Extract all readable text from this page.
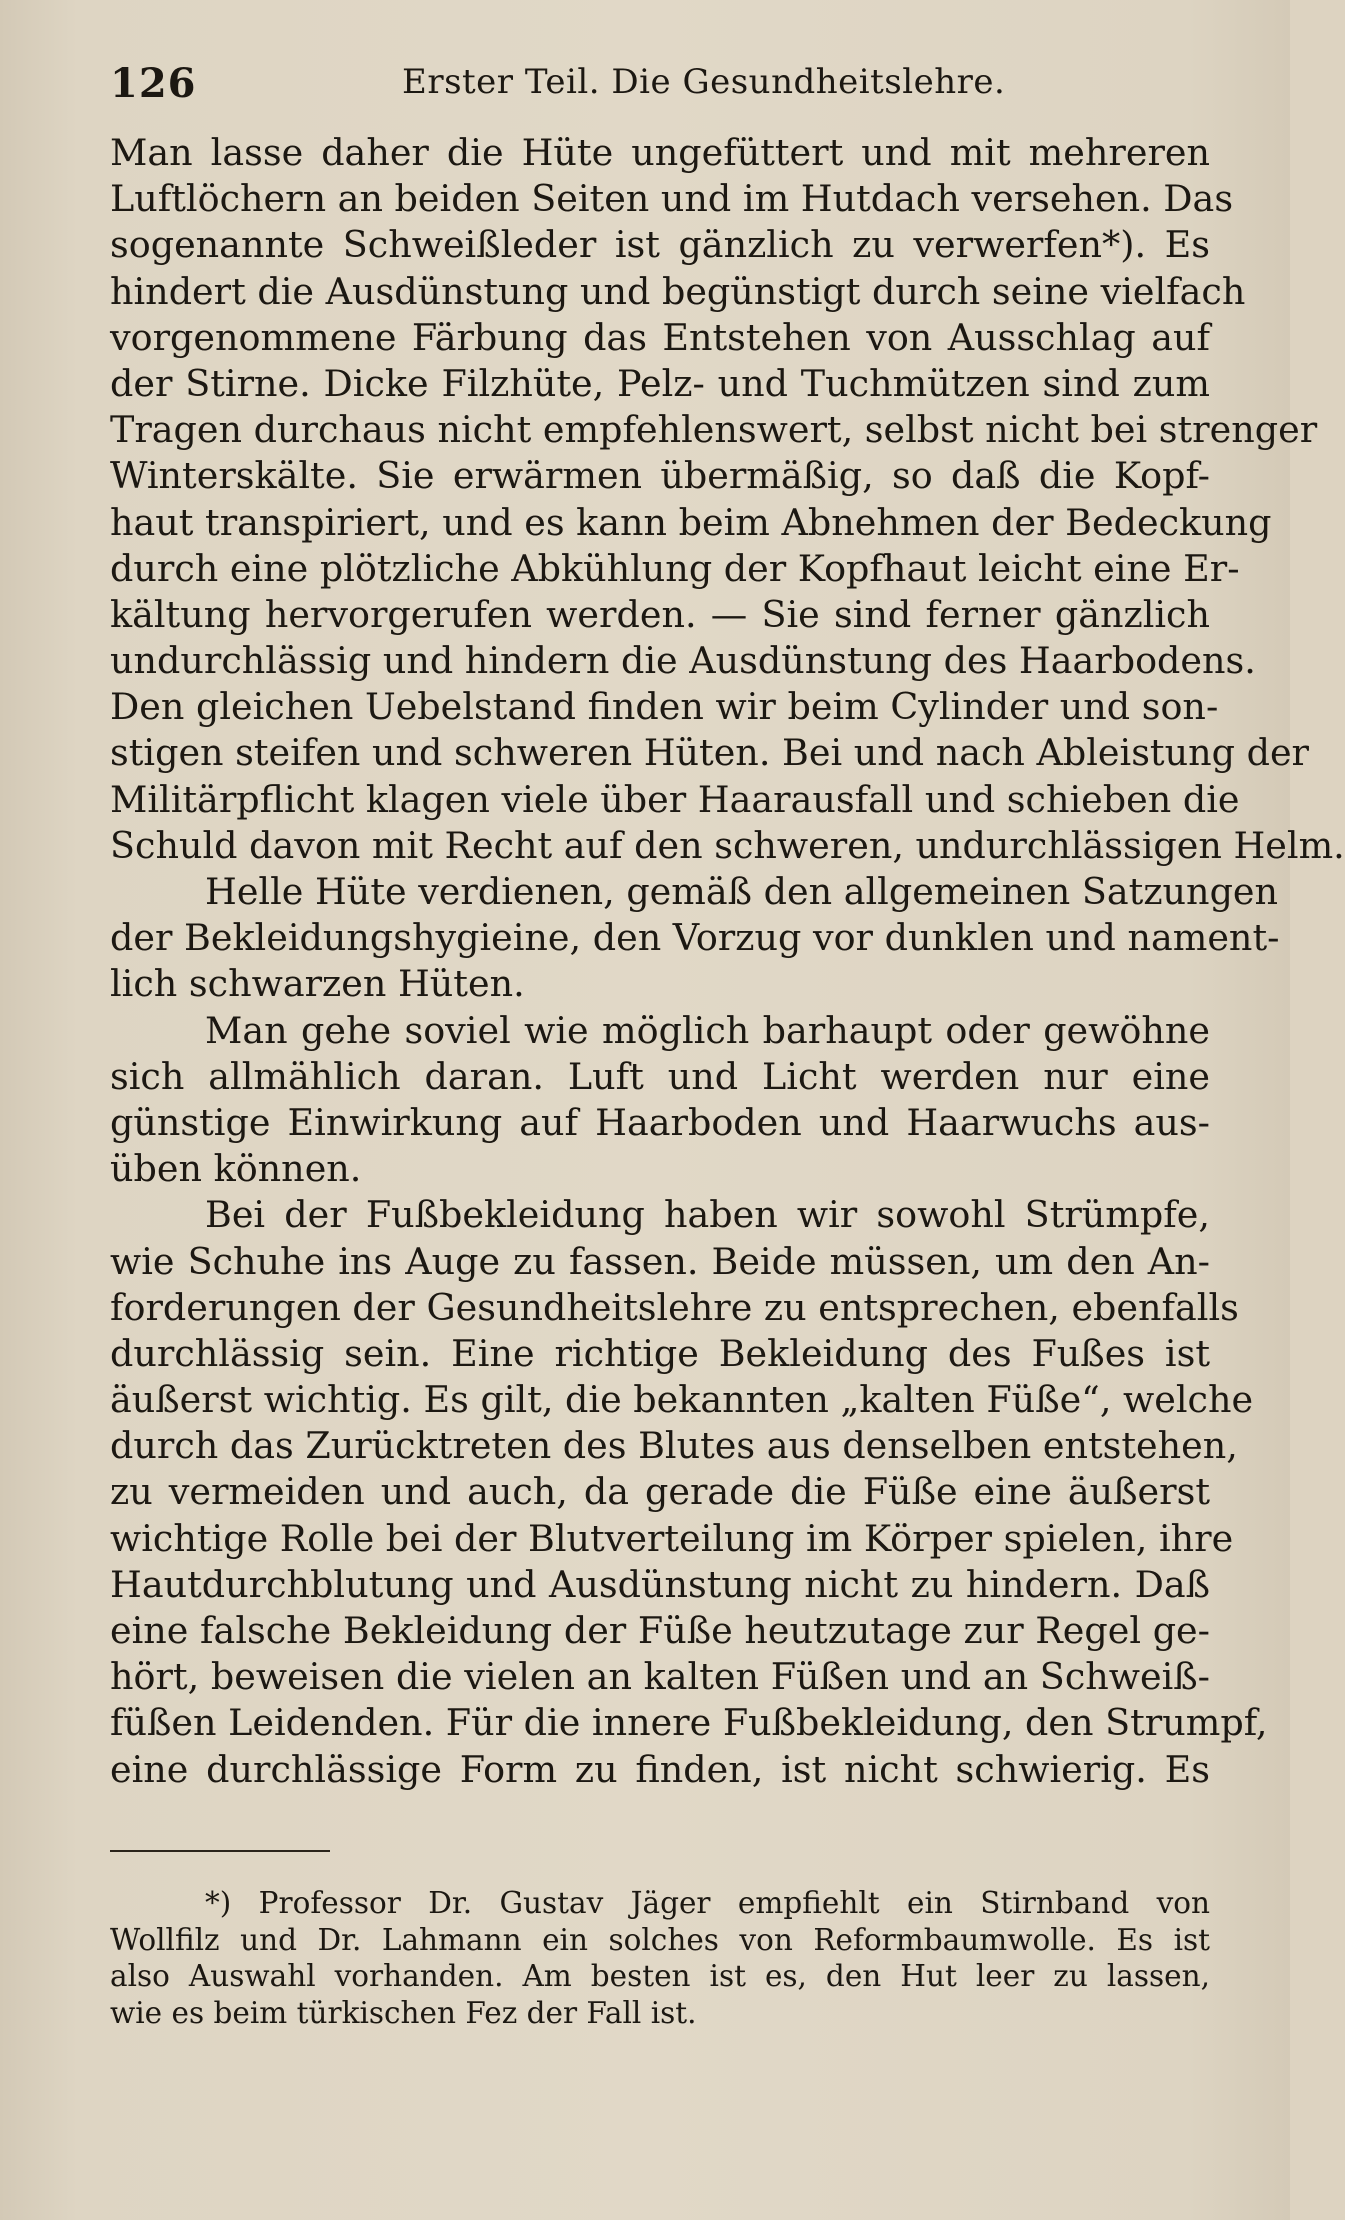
126	Erster Teil. Die Gesundheitslehre.
Man lasse daher die Hüte ungefüttert und mit mehreren
Luftlöchern an beiden Seiten und im Hutdach versehen. Das
sogenannte Schweißleder ist gänzlich zu verwerfen*). Es
hindert die Ausdünstung und begünstigt durch seine vielfach
vorgenommene Färbung das Entstehen von Ausschlag auf
der Stirne. Dicke Filzhüte, Pelz- und Tuchmützen sind zum
Tragen durchaus nicht empfehlenswert, selbst nicht bei strenger
Winterskälte. Sie erwärmen übermäßig, so daß die Kopf-
haut transpiriert, und es kann beim Abnehmen der Bedeckung
durch eine plötzliche Abkühlung der Kopfhaut leicht eine Er-
kältung hervorgerufen werden. — Sie sind ferner gänzlich
undurchlässig und hindern die Ausdünstung des Haarbodens.
Den gleichen Uebelstand finden wir beim Cylinder und son-
stigen steifen und schweren Hüten. Bei und nach Ableistung der
Militärpflicht klagen viele über Haarausfall und schieben die
Schuld davon mit Recht auf den schweren, undurchlässigen Helm.
Helle Hüte verdienen, gemäß den allgemeinen Satzungen
der Bekleidungshygieine, den Vorzug vor dunklen und nament-
lich schwarzen Hüten.
Man gehe soviel wie möglich barhaupt oder gewöhne
sich allmählich daran. Luft und Licht werden nur eine
günstige Einwirkung auf Haarboden und Haarwuchs aus-
üben können.
Bei der Fußbekleidung haben wir sowohl Strümpfe,
wie Schuhe ins Auge zu fassen. Beide müssen, um den An-
forderungen der Gesundheitslehre zu entsprechen, ebenfalls
durchlässig sein. Eine richtige Bekleidung des Fußes ist
äußerst wichtig. Es gilt, die bekannten „kalten Füße“, welche
durch das Zurücktreten des Blutes aus denselben entstehen,
zu vermeiden und auch, da gerade die Füße eine äußerst
wichtige Rolle bei der Blutverteilung im Körper spielen, ihre
Hautdurchblutung und Ausdünstung nicht zu hindern. Daß
eine falsche Bekleidung der Füße heutzutage zur Regel ge-
hört, beweisen die vielen an kalten Füßen und an Schweiß-
füßen Leidenden. Für die innere Fußbekleidung, den Strumpf,
eine durchlässige Form zu finden, ist nicht schwierig. Es
*) Professor Dr. Gustav Jäger empfiehlt ein Stirnband von
Wollfilz und Dr. Lahmann ein solches von Reformbaumwolle. Es ist
also Auswahl vorhanden. Am besten ist es, den Hut leer zu lassen,
wie es beim türkischen Fez der Fall ist.
